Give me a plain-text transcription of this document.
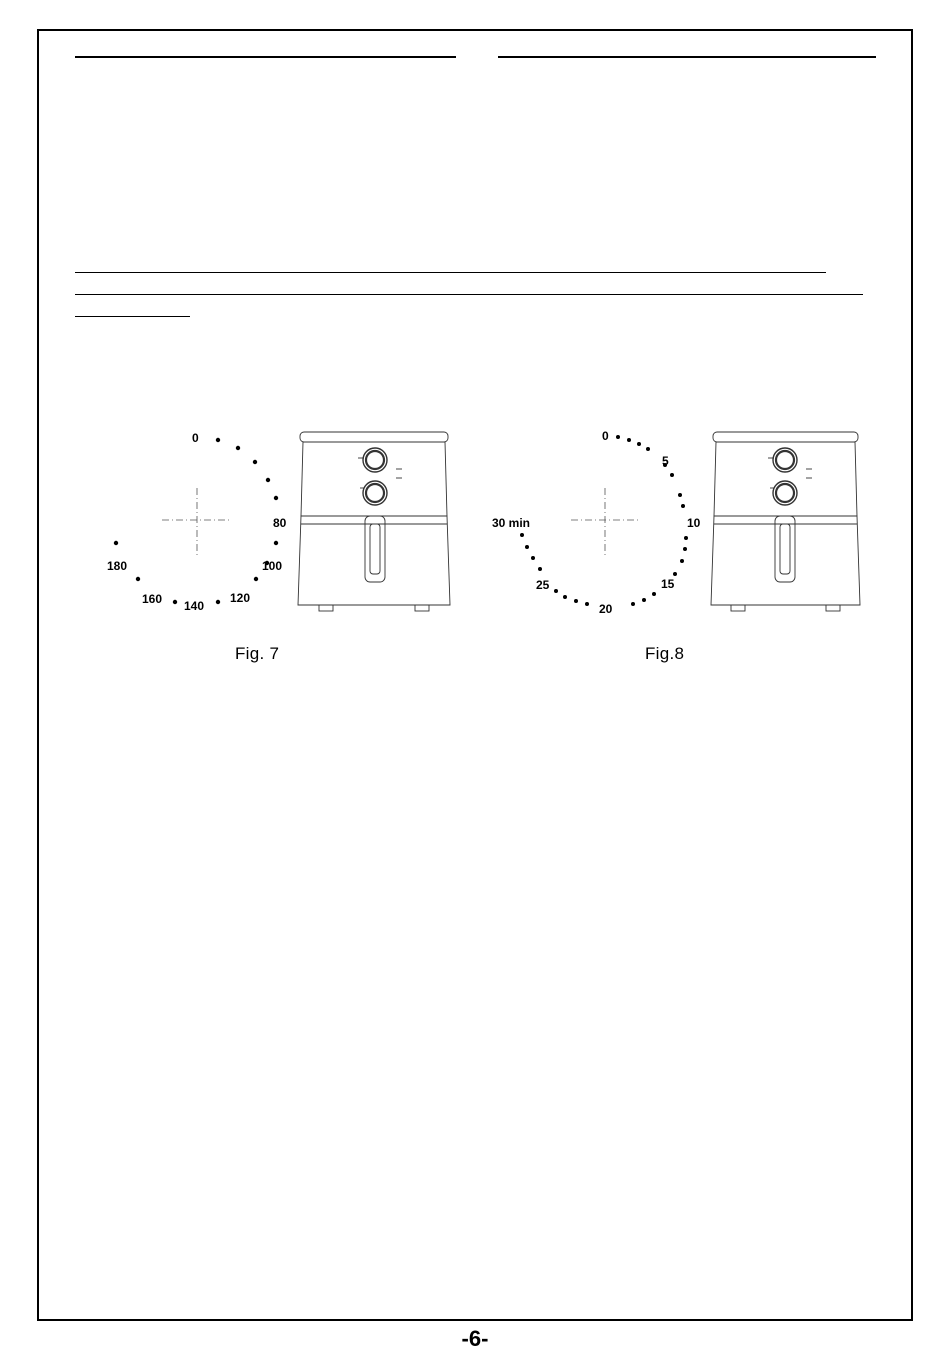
0
80
100
120
140
160
180
Fig. 7
0
5
10
15
20
25
30 min
Fig.8
-6-
